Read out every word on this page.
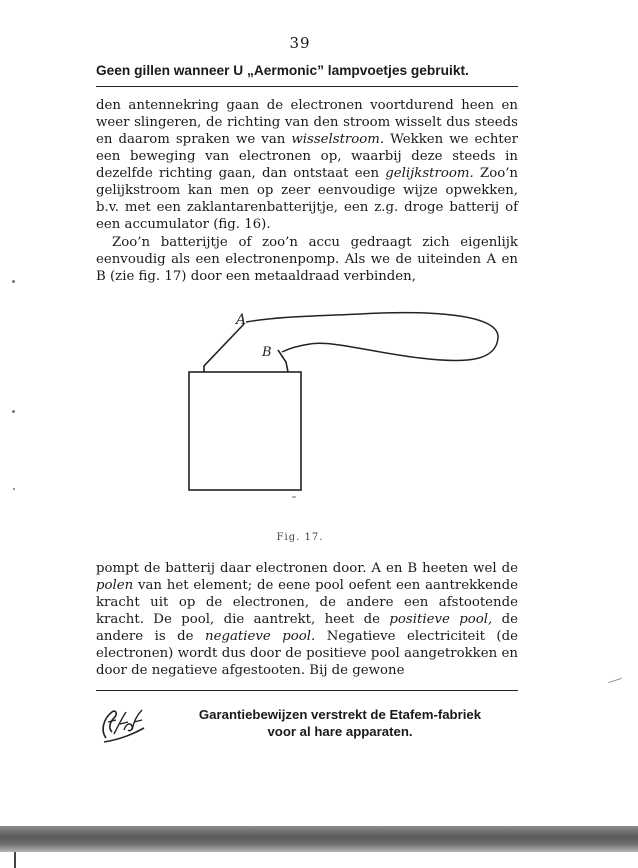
39
Geen gillen wanneer U „Aermonic” lampvoetjes gebruikt.

den antennekring gaan de electronen voortdurend heen en weer slingeren, de richting van den stroom wisselt dus steeds en daarom spraken we van wisselstroom. Wekken we echter een beweging van electronen op, waarbij deze steeds in dezelfde richting gaan, dan ontstaat een gelijkstroom. Zoo’n gelijkstroom kan men op zeer eenvoudige wijze opwekken, b.v. met een zaklantarenbatterijtje, een z.g. droge batterij of een accumulator (fig. 16).

Zoo’n batterijtje of zoo’n accu gedraagt zich eigenlijk eenvoudig als een electronenpomp. Als we de uiteinden A en B (zie fig. 17) door een metaaldraad verbinden,

A
B
Fig. 17.

pompt de batterij daar electronen door. A en B heeten wel de polen van het element; de eene pool oefent een aantrekkende kracht uit op de electronen, de andere een afstootende kracht. De pool, die aantrekt, heet de positieve pool, de andere is de negatieve pool. Negatieve electriciteit (de electronen) wordt dus door de positieve pool aangetrokken en door de negatieve afgestooten. Bij de gewone

Garantiebewijzen verstrekt de Etafem-fabriek
voor al hare apparaten.
